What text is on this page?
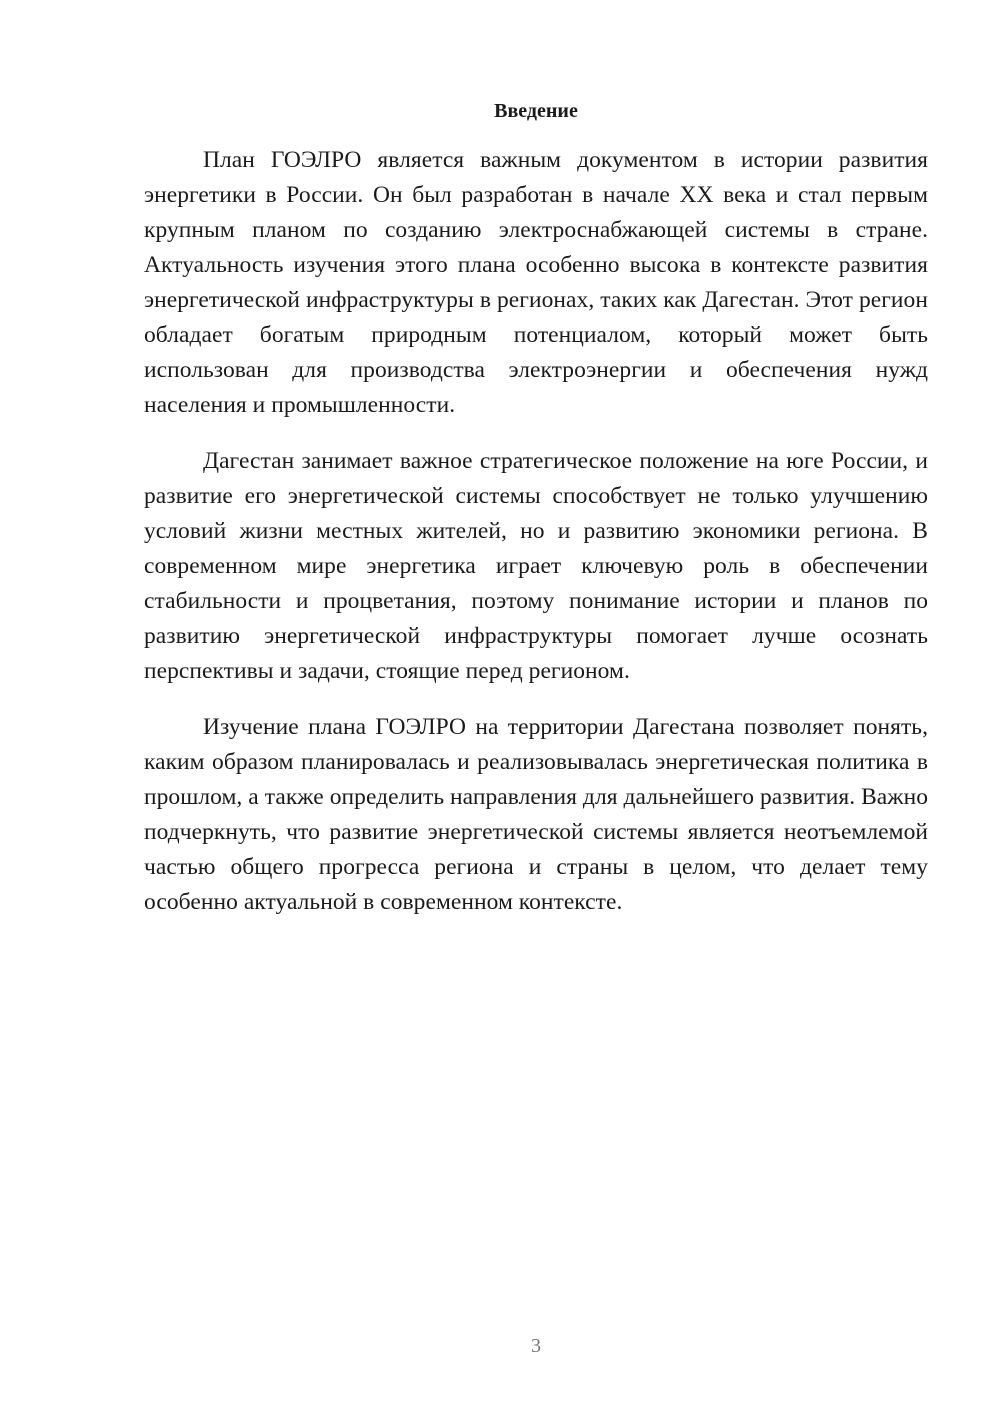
Введение

План ГОЭЛРО является важным документом в истории развития энергетики в России. Он был разработан в начале XX века и стал первым крупным планом по созданию электроснабжающей системы в стране. Актуальность изучения этого плана особенно высока в контексте развития энергетической инфраструктуры в регионах, таких как Дагестан. Этот регион обладает богатым природным потенциалом, который может быть использован для производства электроэнергии и обеспечения нужд населения и промышленности.

Дагестан занимает важное стратегическое положение на юге России, и развитие его энергетической системы способствует не только улучшению условий жизни местных жителей, но и развитию экономики региона. В современном мире энергетика играет ключевую роль в обеспечении стабильности и процветания, поэтому понимание истории и планов по развитию энергетической инфраструктуры помогает лучше осознать перспективы и задачи, стоящие перед регионом.

Изучение плана ГОЭЛРО на территории Дагестана позволяет понять, каким образом планировалась и реализовывалась энергетическая политика в прошлом, а также определить направления для дальнейшего развития. Важно подчеркнуть, что развитие энергетической системы является неотъемлемой частью общего прогресса региона и страны в целом, что делает тему особенно актуальной в современном контексте.

3
